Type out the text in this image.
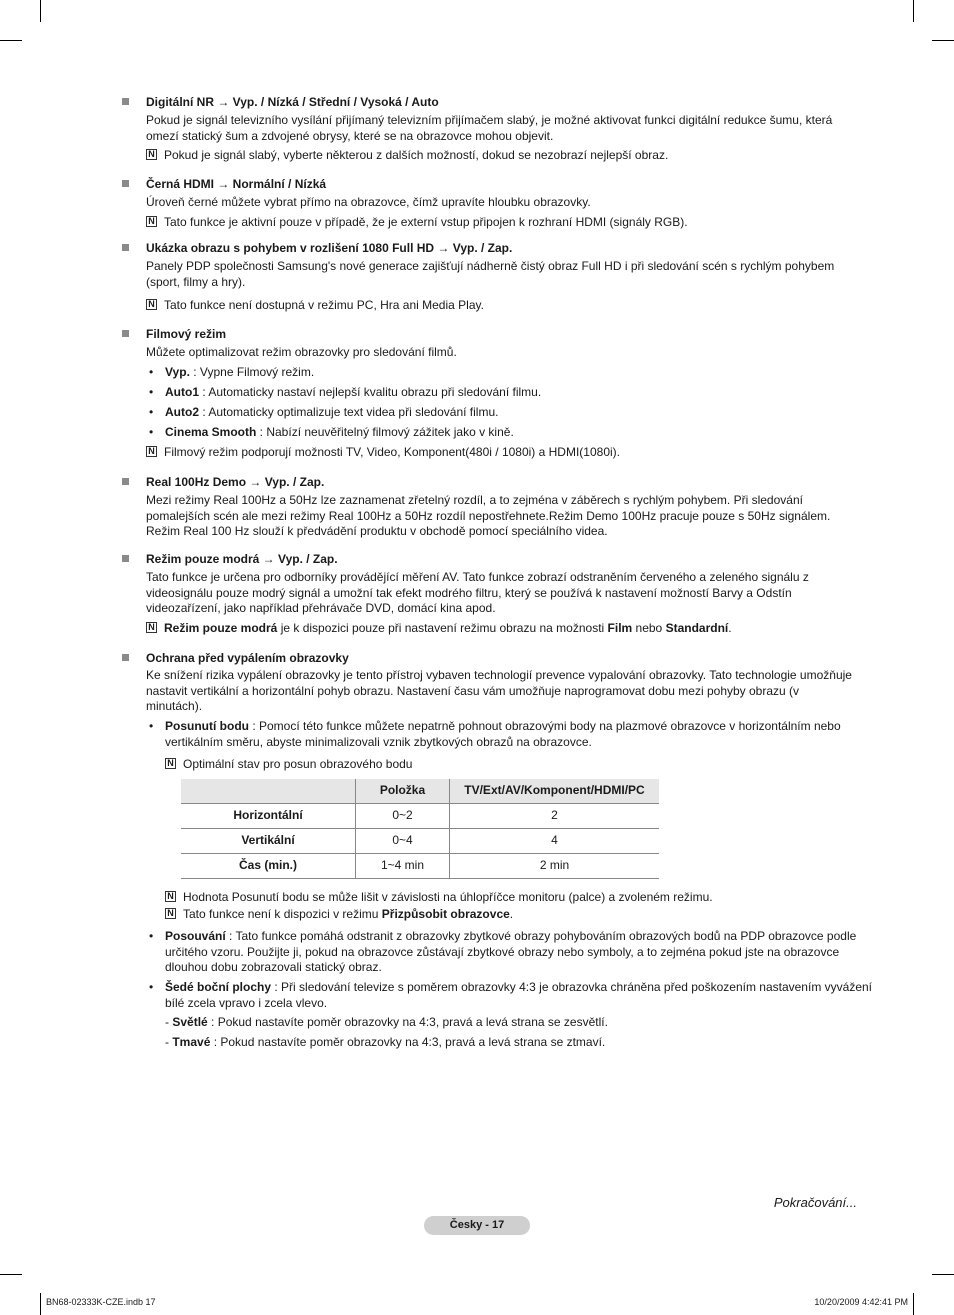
Digitální NR → Vyp. / Nízká / Střední / Vysoká / Auto
Pokud je signál televizního vysílání přijímaný televizním přijímačem slabý, je možné aktivovat funkci digitální redukce šumu, která omezí statický šum a zdvojené obrysy, které se na obrazovce mohou objevit.
N Pokud je signál slabý, vyberte některou z dalších možností, dokud se nezobrazí nejlepší obraz.
Černá HDMI → Normální / Nízká
Úroveň černé můžete vybrat přímo na obrazovce, čímž upravíte hloubku obrazovky.
N Tato funkce je aktivní pouze v případě, že je externí vstup připojen k rozhraní HDMI (signály RGB).
Ukázka obrazu s pohybem v rozlišení 1080 Full HD → Vyp. / Zap.
Panely PDP společnosti Samsung's nové generace zajišťují nádherně čistý obraz Full HD i při sledování scén s rychlým pohybem (sport, filmy a hry).
N Tato funkce není dostupná v režimu PC, Hra ani Media Play.
Filmový režim
Můžete optimalizovat režim obrazovky pro sledování filmů.
• Vyp. : Vypne Filmový režim.
• Auto1 : Automaticky nastaví nejlepší kvalitu obrazu při sledování filmu.
• Auto2 : Automaticky optimalizuje text videa při sledování filmu.
• Cinema Smooth : Nabízí neuvěřitelný filmový zážitek jako v kině.
N Filmový režim podporují možnosti TV, Video, Komponent(480i / 1080i) a HDMI(1080i).
Real 100Hz Demo → Vyp. / Zap.
Mezi režimy Real 100Hz a 50Hz lze zaznamenat zřetelný rozdíl, a to zejména v záběrech s rychlým pohybem. Při sledování pomalejších scén ale mezi režimy Real 100Hz a 50Hz rozdíl nepostřehnete.Režim Demo 100Hz pracuje pouze s 50Hz signálem. Režim Real 100 Hz slouží k předvádění produktu v obchodě pomocí speciálního videa.
Režim pouze modrá → Vyp. / Zap.
Tato funkce je určena pro odborníky provádějící měření AV. Tato funkce zobrazí odstraněním červeného a zeleného signálu z videosignálu pouze modrý signál a umožní tak efekt modrého filtru, který se používá k nastavení možností Barvy a Odstín videozařízení, jako například přehrávače DVD, domácí kina apod.
N Režim pouze modrá je k dispozici pouze při nastavení režimu obrazu na možnosti Film nebo Standardní.
Ochrana před vypálením obrazovky
Ke snížení rizika vypálení obrazovky je tento přístroj vybaven technologií prevence vypalování obrazovky. Tato technologie umožňuje nastavit vertikální a horizontální pohyb obrazu. Nastavení času vám umožňuje naprogramovat dobu mezi pohyby obrazu (v minutách).
• Posunutí bodu : Pomocí této funkce můžete nepatrně pohnout obrazovými body na plazmové obrazovce v horizontálním nebo vertikálním směru, abyste minimalizovali vznik zbytkových obrazů na obrazovce.
N Optimální stav pro posun obrazového bodu
N Hodnota Posunutí bodu se může lišit v závislosti na úhlopříčce monitoru (palce) a zvoleném režimu.
N Tato funkce není k dispozici v režimu Přizpůsobit obrazovce.
• Posouvání : Tato funkce pomáhá odstranit z obrazovky zbytkové obrazy pohybováním obrazových bodů na PDP obrazovce podle určitého vzoru. Použijte ji, pokud na obrazovce zůstávají zbytkové obrazy nebo symboly, a to zejména pokud jste na obrazovce dlouhou dobu zobrazovali statický obraz.
• Šedé boční plochy : Při sledování televize s poměrem obrazovky 4:3 je obrazovka chráněna před poškozením nastavením vyvážení bílé zcela vpravo i zcela vlevo.
- Světlé : Pokud nastavíte poměr obrazovky na 4:3, pravá a levá strana se zesvětlí.
- Tmavé : Pokud nastavíte poměr obrazovky na 4:3, pravá a levá strana se ztmaví.
	Položka	TV/Ext/AV/Komponent/HDMI/PC
Horizontální	0~2	2
Vertikální	0~4	4
Čas (min.)	1~4 min	2 min
Pokračování...
Česky - 17
BN68-02333K-CZE.indb 17	10/20/2009 4:42:41 PM
